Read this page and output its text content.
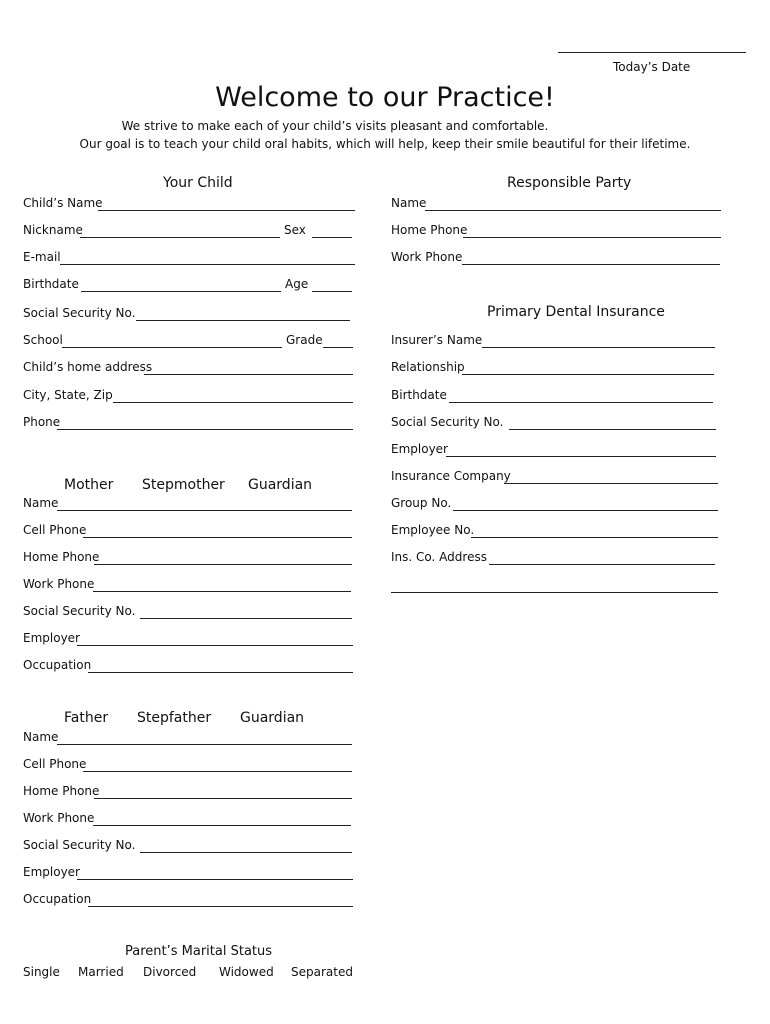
Today’s Date
Welcome to our Practice!
We strive to make each of your child’s visits pleasant and comfortable.
Our goal is to teach your child oral habits, which will help, keep their smile beautiful for their lifetime.
Your Child
Child’s Name
Nickname	Sex
E-mail
Birthdate	Age
Social Security No.
School	Grade
Child’s home address
City, State, Zip
Phone
Responsible Party
Name
Home Phone
Work Phone
Primary Dental Insurance
Insurer’s Name
Relationship
Birthdate
Social Security No.
Employer
Insurance Company
Group No.
Employee No.
Ins. Co. Address
Mother Stepmother Guardian
Name
Cell Phone
Home Phone
Work Phone
Social Security No.
Employer
Occupation
Father Stepfather Guardian
Name
Cell Phone
Home Phone
Work Phone
Social Security No.
Employer
Occupation
Parent’s Marital Status
Single Married Divorced Widowed Separated
